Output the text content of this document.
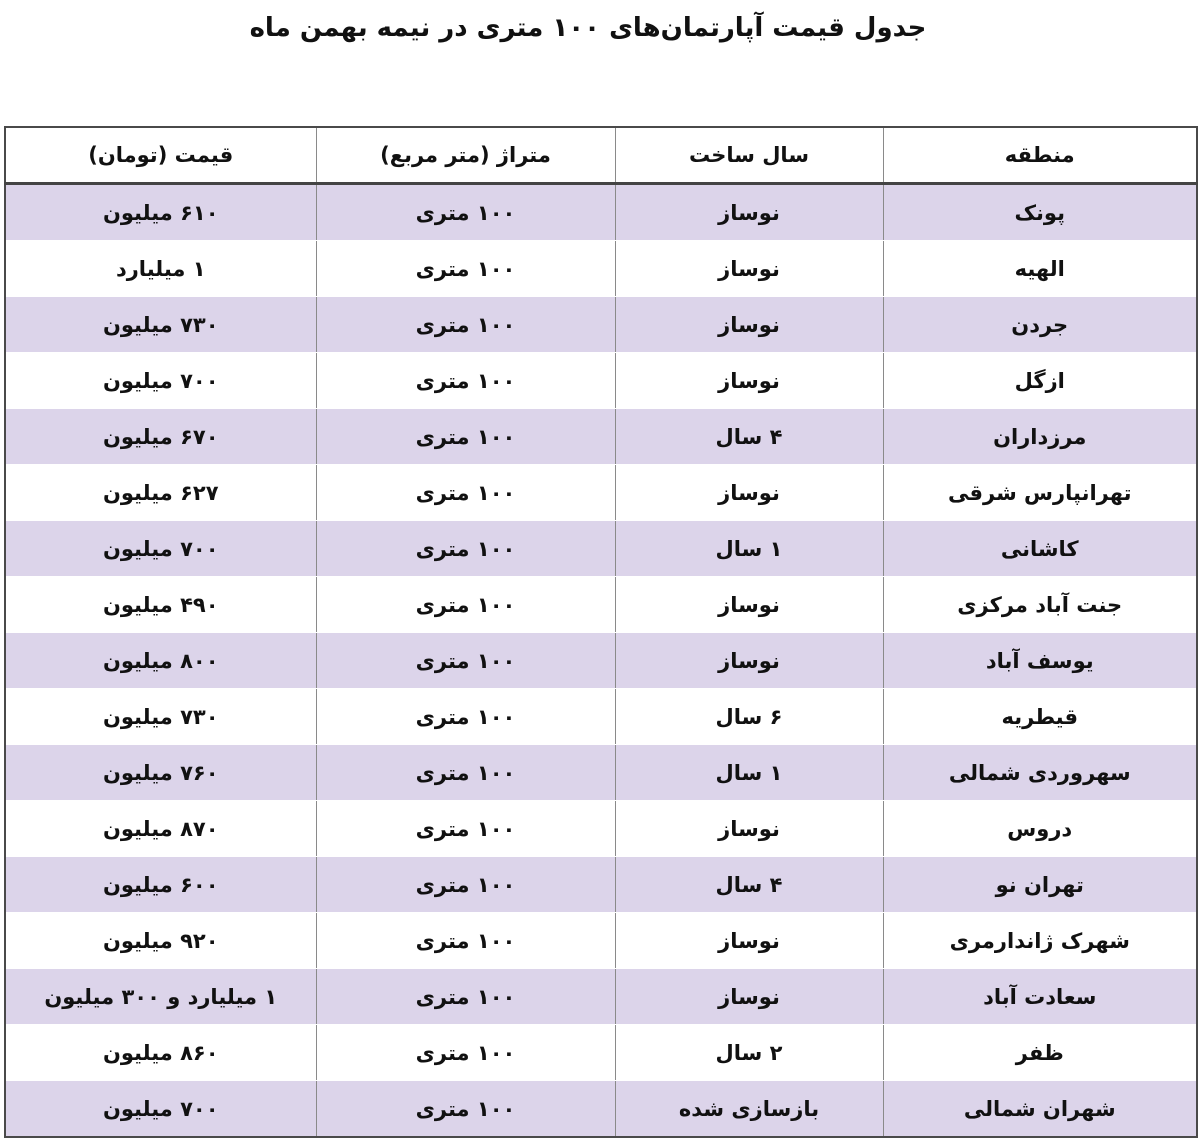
جدول قیمت آپارتمان‌های ۱۰۰ متری در نیمه بهمن ماه
منطقه	سال ساخت	متراژ (متر مربع)	قیمت (تومان)
پونک	نوساز	۱۰۰ متری	۶۱۰ میلیون
الهیه	نوساز	۱۰۰ متری	۱ میلیارد
جردن	نوساز	۱۰۰ متری	۷۳۰ میلیون
ازگل	نوساز	۱۰۰ متری	۷۰۰ میلیون
مرزداران	۴ سال	۱۰۰ متری	۶۷۰ میلیون
تهرانپارس شرقی	نوساز	۱۰۰ متری	۶۲۷ میلیون
کاشانی	۱ سال	۱۰۰ متری	۷۰۰ میلیون
جنت آباد مرکزی	نوساز	۱۰۰ متری	۴۹۰ میلیون
یوسف آباد	نوساز	۱۰۰ متری	۸۰۰ میلیون
قیطریه	۶ سال	۱۰۰ متری	۷۳۰ میلیون
سهروردی شمالی	۱ سال	۱۰۰ متری	۷۶۰ میلیون
دروس	نوساز	۱۰۰ متری	۸۷۰ میلیون
تهران نو	۴ سال	۱۰۰ متری	۶۰۰ میلیون
شهرک ژاندارمری	نوساز	۱۰۰ متری	۹۲۰ میلیون
سعادت آباد	نوساز	۱۰۰ متری	۱ میلیارد و ۳۰۰ میلیون
ظفر	۲ سال	۱۰۰ متری	۸۶۰ میلیون
شهران شمالی	بازسازی شده	۱۰۰ متری	۷۰۰ میلیون
